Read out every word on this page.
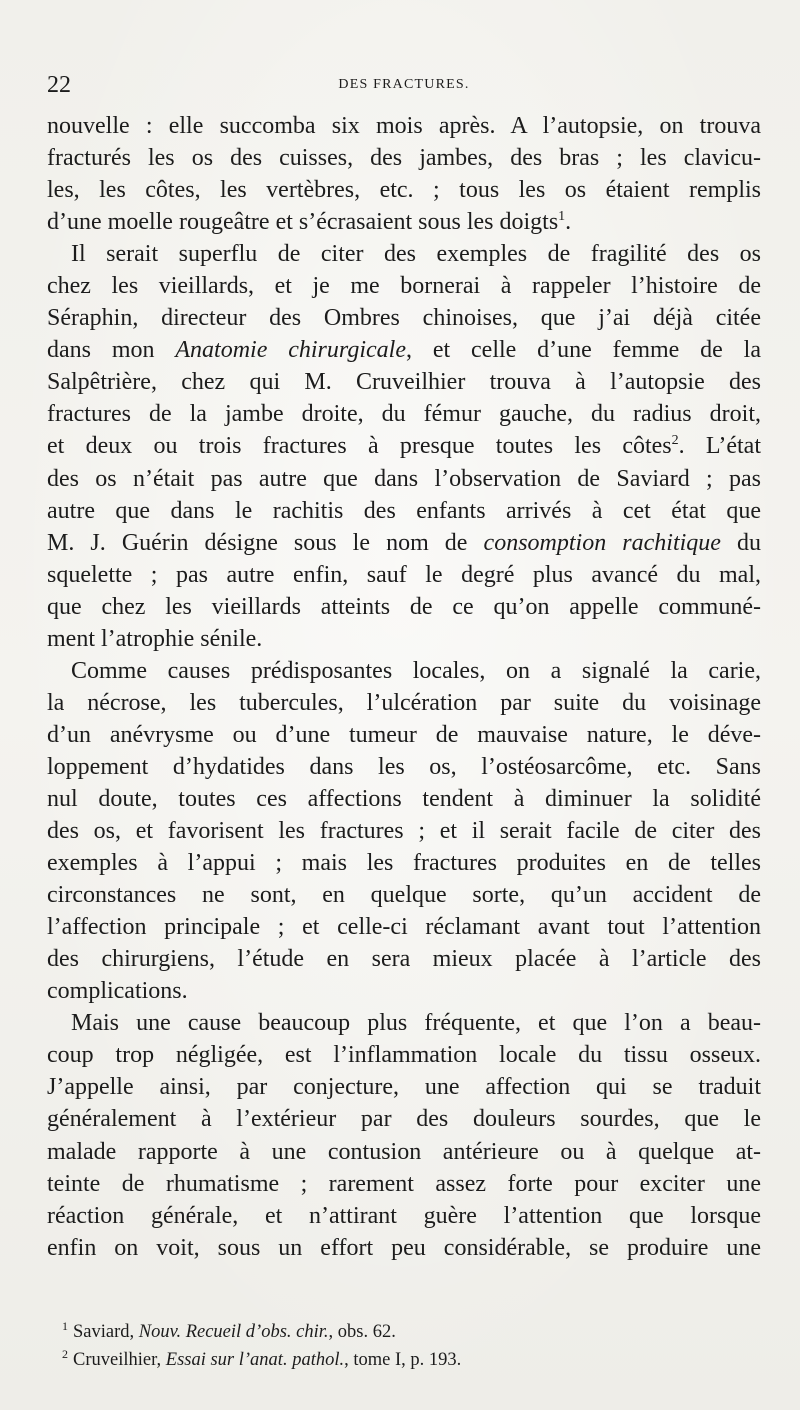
22	DES FRACTURES.
nouvelle : elle succomba six mois après. A l’autopsie, on trouva
fracturés les os des cuisses, des jambes, des bras ; les clavicu-
les, les côtes, les vertèbres, etc. ; tous les os étaient remplis
d’une moelle rougeâtre et s’écrasaient sous les doigts$^1$.
Il serait superflu de citer des exemples de fragilité des os
chez les vieillards, et je me bornerai à rappeler l’histoire de
Séraphin, directeur des Ombres chinoises, que j’ai déjà citée
dans mon Anatomie chirurgicale, et celle d’une femme de la
Salpêtrière, chez qui M. Cruveilhier trouva à l’autopsie des
fractures de la jambe droite, du fémur gauche, du radius droit,
et deux ou trois fractures à presque toutes les côtes$^2$. L’état
des os n’était pas autre que dans l’observation de Saviard ; pas
autre que dans le rachitis des enfants arrivés à cet état que
M. J. Guérin désigne sous le nom de consomption rachitique du
squelette ; pas autre enfin, sauf le degré plus avancé du mal,
que chez les vieillards atteints de ce qu’on appelle communé-
ment l’atrophie sénile.
Comme causes prédisposantes locales, on a signalé la carie,
la nécrose, les tubercules, l’ulcération par suite du voisinage
d’un anévrysme ou d’une tumeur de mauvaise nature, le déve-
loppement d’hydatides dans les os, l’ostéosarcôme, etc. Sans
nul doute, toutes ces affections tendent à diminuer la solidité
des os, et favorisent les fractures ; et il serait facile de citer des
exemples à l’appui ; mais les fractures produites en de telles
circonstances ne sont, en quelque sorte, qu’un accident de
l’affection principale ; et celle-ci réclamant avant tout l’attention
des chirurgiens, l’étude en sera mieux placée à l’article des
complications.
Mais une cause beaucoup plus fréquente, et que l’on a beau-
coup trop négligée, est l’inflammation locale du tissu osseux.
J’appelle ainsi, par conjecture, une affection qui se traduit
généralement à l’extérieur par des douleurs sourdes, que le
malade rapporte à une contusion antérieure ou à quelque at-
teinte de rhumatisme ; rarement assez forte pour exciter une
réaction générale, et n’attirant guère l’attention que lorsque
enfin on voit, sous un effort peu considérable, se produire une
$^1$ Saviard, Nouv. Recueil d’obs. chir., obs. 62.
$^2$ Cruveilhier, Essai sur l’anat. pathol., tome I, p. 193.
